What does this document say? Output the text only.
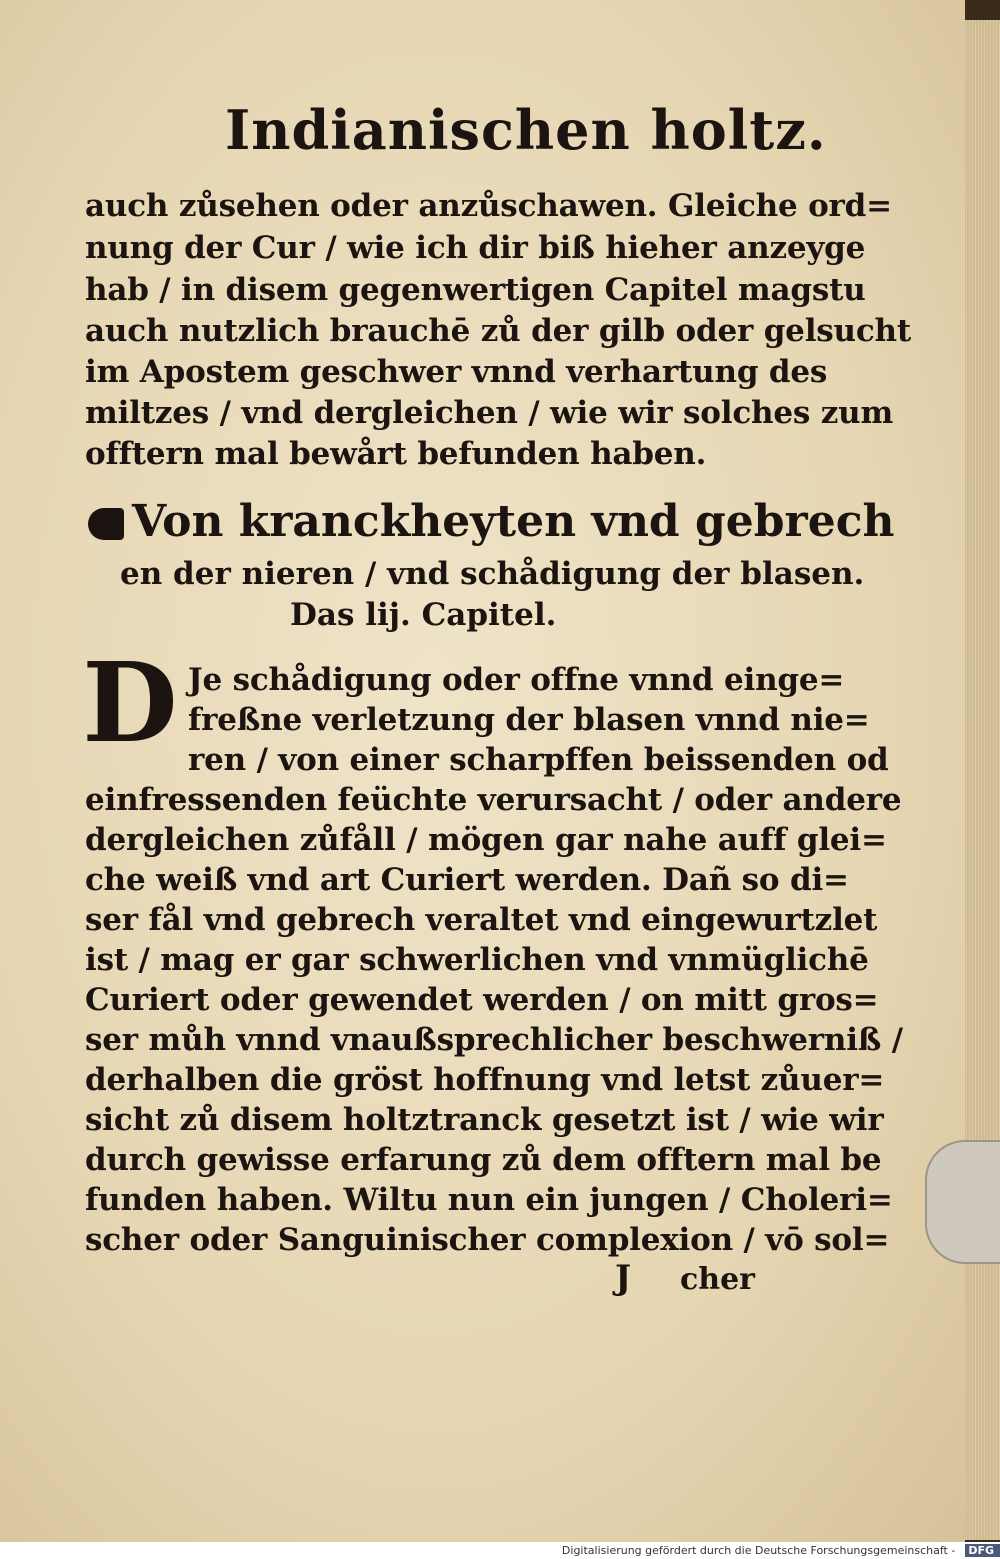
Indianischen holtz.
auch zůsehen oder anzůschawen. Gleiche ord=
nung der Cur / wie ich dir biß hieher anzeyge
hab / in disem gegenwertigen Capitel magstu
auch nutzlich brauchē zů der gilb oder gelsucht
im Apostem geschwer vnnd verhartung des
miltzes / vnd dergleichen / wie wir solches zum
offtern mal bewårt befunden haben.
Von kranckheyten vnd gebrech
en der nieren / vnd schådigung der blasen.
Das lij. Capitel.
D Je schådigung oder offne vnnd einge=
freßne verletzung der blasen vnnd nie=
ren / von einer scharpffen beissenden od
einfressenden feüchte verursacht / oder andere
dergleichen zůfåll / mögen gar nahe auff glei=
che weiß vnd art Curiert werden. Dañ so di=
ser fål vnd gebrech veraltet vnd eingewurtzlet
ist / mag er gar schwerlichen vnd vnmüglichē
Curiert oder gewendet werden / on mitt gros=
ser můh vnnd vnaußsprechlicher beschwerniß /
derhalben die gröst hoffnung vnd letst zůuer=
sicht zů disem holtztranck gesetzt ist / wie wir
durch gewisse erfarung zů dem offtern mal be
funden haben. Wiltu nun ein jungen / Choleri=
scher oder Sanguinischer complexion / vō sol=
J cher
Digitalisierung gefördert durch die Deutsche Forschungsgemeinschaft - DFG
